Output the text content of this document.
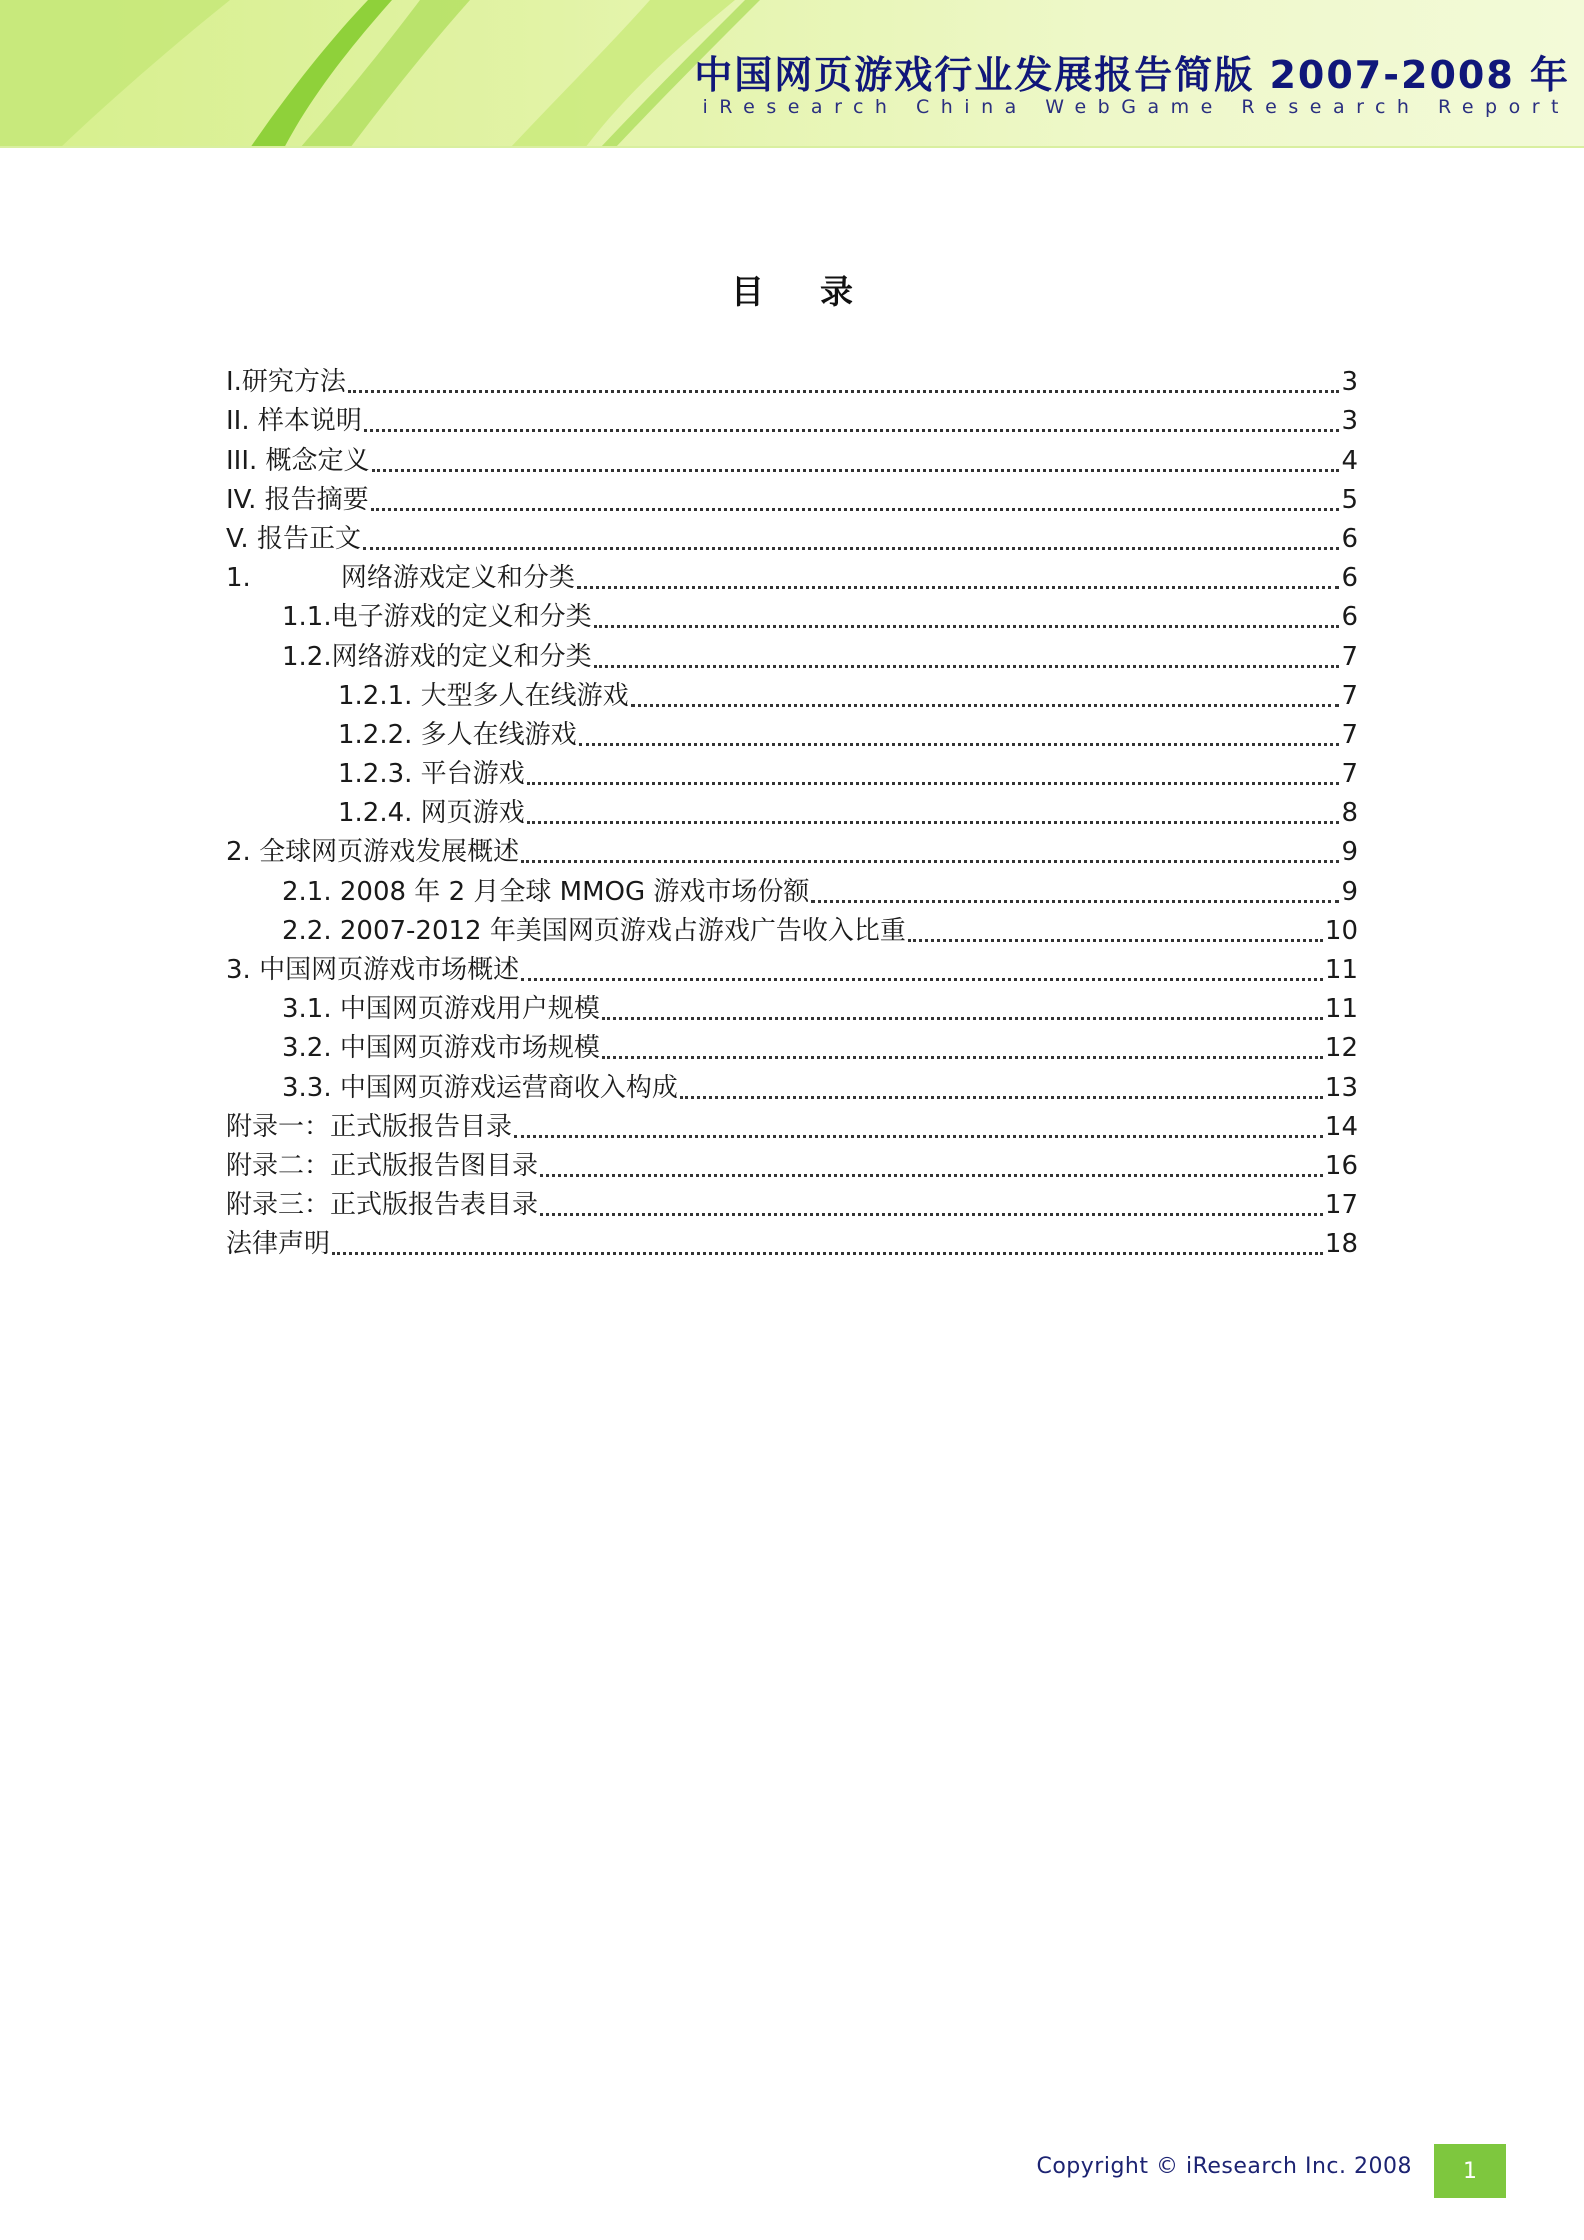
中国网页游戏行业发展报告简版 2007-2008 年

iResearch China WebGame Research Report

目录
I.研究方法	3
II. 样本说明	3
III. 概念定义	4
IV. 报告摘要	5
V. 报告正文	6
1.	网络游戏定义和分类	6
1.1.电子游戏的定义和分类	6
1.2.网络游戏的定义和分类	7
1.2.1. 大型多人在线游戏	7
1.2.2. 多人在线游戏	7
1.2.3. 平台游戏	7
1.2.4. 网页游戏	8
2. 全球网页游戏发展概述	9
2.1. 2008 年 2 月全球 MMOG 游戏市场份额	9
2.2. 2007-2012 年美国网页游戏占游戏广告收入比重	10
3. 中国网页游戏市场概述	11
3.1. 中国网页游戏用户规模	11
3.2. 中国网页游戏市场规模	12
3.3. 中国网页游戏运营商收入构成	13
附录一：正式版报告目录	14
附录二：正式版报告图目录	16
附录三：正式版报告表目录	17
法律声明	18

Copyright © iResearch Inc. 2008	1
